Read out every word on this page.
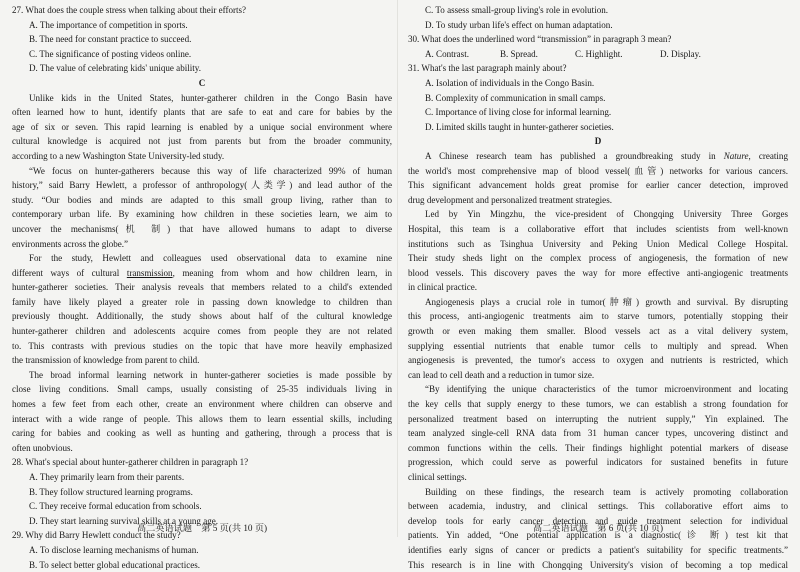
27. What does the couple stress when talking about their efforts?
A. The importance of competition in sports.
B. The need for constant practice to succeed.
C. The significance of posting videos online.
D. The value of celebrating kids' unique ability.
C
Unlike kids in the United States, hunter-gatherer children in the Congo Basin have
often learned how to hunt, identify plants that are safe to eat and care for babies by the
age of six or seven. This rapid learning is enabled by a unique social environment where
cultural knowledge is acquired not just from parents but from the broader community,
according to a new Washington State University-led study.
“We focus on hunter-gatherers because this way of life characterized 99% of human
history,” said Barry Hewlett, a professor of anthropology(人类学) and lead author of the
study. “Our bodies and minds are adapted to this small group living, rather than to
contemporary urban life. By examining how children in these societies learn, we aim to
uncover the mechanisms(机 制) that have allowed humans to adapt to diverse
environments across the globe.”
For the study, Hewlett and colleagues used observational data to examine nine
different ways of cultural transmission, meaning from whom and how children learn, in
hunter-gatherer societies. Their analysis reveals that members related to a child's extended
family have likely played a greater role in passing down knowledge to children than
previously thought. Additionally, the study shows about half of the cultural knowledge
hunter-gatherer children and adolescents acquire comes from people they are not related
to. This contrasts with previous studies on the topic that have more heavily emphasized
the transmission of knowledge from parent to child.
The broad informal learning network in hunter-gatherer societies is made possible by
close living conditions. Small camps, usually consisting of 25-35 individuals living in
homes a few feet from each other, create an environment where children can observe and
interact with a wide range of people. This allows them to learn essential skills, including
caring for babies and cooking as well as hunting and gathering, through a process that is
often unobvious.
28. What's special about hunter-gatherer children in paragraph 1?
A. They primarily learn from their parents.
B. They follow structured learning programs.
C. They receive formal education from schools.
D. They start learning survival skills at a young age.
29. Why did Barry Hewlett conduct the study?
A. To disclose learning mechanisms of human.
B. To select better global educational practices.
高二英语试题　第 5 页(共 10 页)
C. To assess small-group living's role in evolution.
D. To study urban life's effect on human adaptation.
30. What does the underlined word “transmission” in paragraph 3 mean?
A. Contrast.	B. Spread.	C. Highlight.	D. Display.
31. What's the last paragraph mainly about?
A. Isolation of individuals in the Congo Basin.
B. Complexity of communication in small camps.
C. Importance of living close for informal learning.
D. Limited skills taught in hunter-gatherer societies.
D
A Chinese research team has published a groundbreaking study in Nature, creating
the world's most comprehensive map of blood vessel(血管) networks for various cancers.
This significant advancement holds great promise for earlier cancer detection, improved
drug development and personalized treatment strategies.
Led by Yin Mingzhu, the vice-president of Chongqing University Three Gorges
Hospital, this team is a collaborative effort that includes scientists from well-known
institutions such as Tsinghua University and Peking Union Medical College Hospital.
Their study sheds light on the complex process of angiogenesis, the formation of new
blood vessels. This discovery paves the way for more effective anti-angiogenic treatments
in clinical practice.
Angiogenesis plays a crucial role in tumor(肿瘤) growth and survival. By disrupting
this process, anti-angiogenic treatments aim to starve tumors, potentially stopping their
growth or even making them smaller. Blood vessels act as a vital delivery system,
supplying essential nutrients that enable tumor cells to multiply and spread. When
angiogenesis is prevented, the tumor's access to oxygen and nutrients is restricted, which
can lead to cell death and a reduction in tumor size.
“By identifying the unique characteristics of the tumor microenvironment and locating
the key cells that supply energy to these tumors, we can establish a strong foundation for
personalized treatment based on interrupting the nutrient supply,” Yin explained. The
team analyzed single-cell RNA data from 31 human cancer types, uncovering distinct and
common functions within the cells. Their findings highlight potential markers of disease
progression, which could serve as powerful indicators for sustained benefits in future
clinical settings.
Building on these findings, the research team is actively promoting collaboration
between academia, industry, and clinical settings. This collaborative effort aims to
develop tools for early cancer detection and guide treatment selection for individual
patients. Yin added, “One potential application is a diagnostic(诊 断) test kit that
identifies early signs of cancer or predicts a patient's suitability for specific treatments.”
This research is in line with Chongqing University's vision of becoming a top medical
高二英语试题　第 6 页(共 10 页)
